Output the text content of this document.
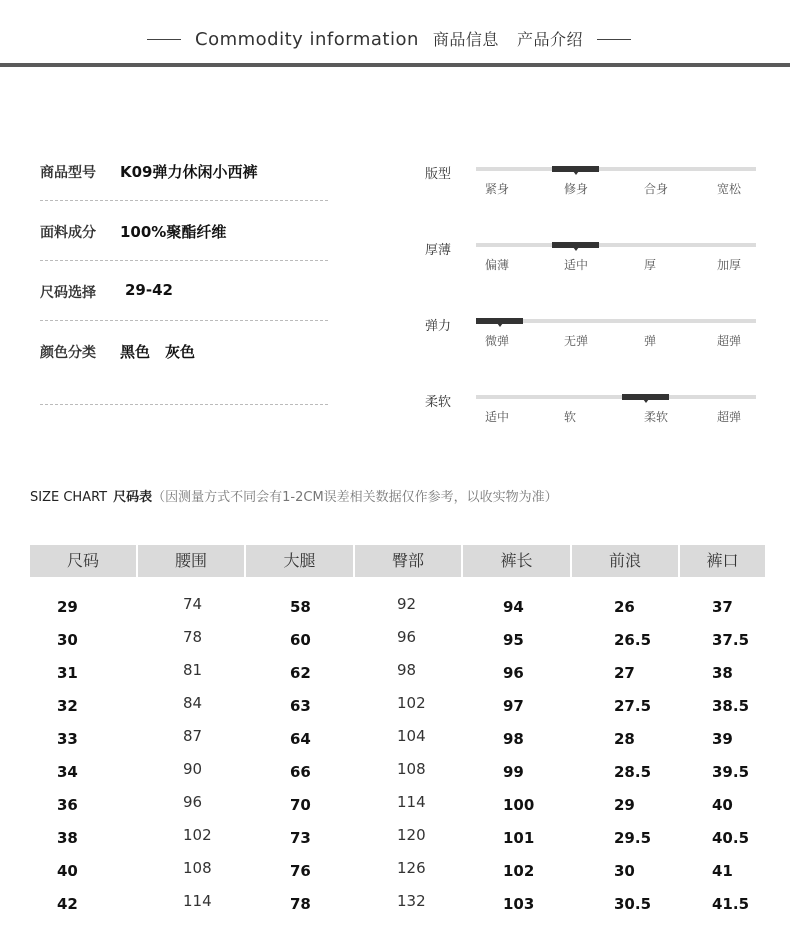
Commodity information 商品信息 产品介绍
商品型号 K09弹力休闲小西裤
面料成分 100%聚酯纤维
尺码选择 29-42
颜色分类 黑色　灰色
版型
紧身	修身	合身	宽松
厚薄
偏薄	适中	厚	加厚
弹力
微弹	无弹	弹	超弹
柔软
适中	软	柔软	超弹
SIZE CHART 尺码表（因测量方式不同会有1-2CM误差相关数据仅作参考，以收实物为准）
尺码	腰围	大腿	臀部	裤长	前浪	裤口
29	74	58	92	94	26	37
30	78	60	96	95	26.5	37.5
31	81	62	98	96	27	38
32	84	63	102	97	27.5	38.5
33	87	64	104	98	28	39
34	90	66	108	99	28.5	39.5
36	96	70	114	100	29	40
38	102	73	120	101	29.5	40.5
40	108	76	126	102	30	41
42	114	78	132	103	30.5	41.5
